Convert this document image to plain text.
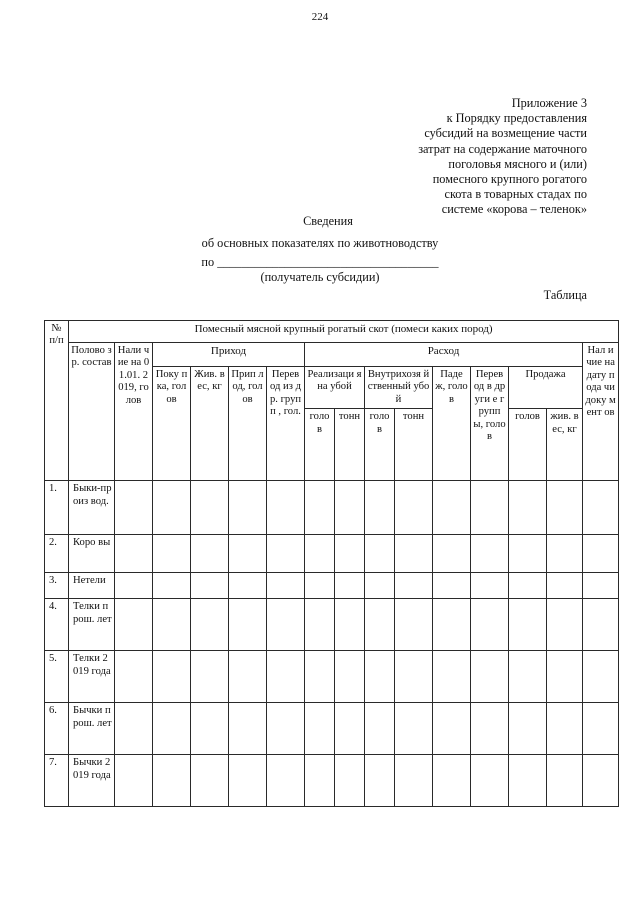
224
Приложение 3
к Порядку предоставления
субсидий на возмещение части
затрат на содержание маточного
поголовья мясного и (или)
помесного крупного рогатого
скота в товарных стадах по
системе «корова – теленок»
Сведения
об основных показателях по животноводству
по ____________________________________
(получатель субсидии)
Таблица
№ п/п	Помесный мясной крупный рогатый скот (помеси каких пород)														
	Полово зр. состав	Нали чие на 01.01. 2019, голов	Приход				Расход								Нал ичие на дату пода чи доку мент ов
			Поку пка, голов	Жив. вес, кг	Прип лод, голов	Перев од из др. групп , гол.	Реализаци я на убой		Внутрихозя йственный убой		Паде ж, голов	Перев од в други е групп ы, голов	Продажа		
							голо в	тонн	голо в	тонн			голов	жив. вес, кг	
1.	Быки-произ вод.														
2.	Коро вы														
3.	Нетели														
4.	Телки прош. лет														
5.	Телки 2019 года														
6.	Бычки прош. лет														
7.	Бычки 2019 года														
